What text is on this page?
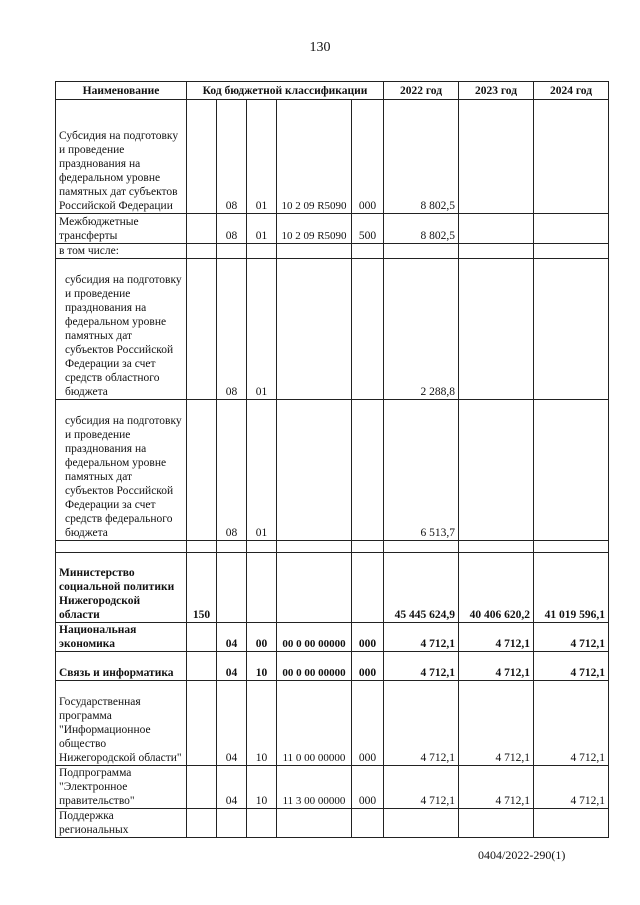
130
Наименование	Код бюджетной классификации					2022 год	2023 год	2024 год
Субсидия на подготовку и проведение празднования на федеральном уровне памятных дат субъектов Российской Федерации		08	01	10 2 09 R5090	000	8 802,5		
Межбюджетные трансферты		08	01	10 2 09 R5090	500	8 802,5		
в том числе:								
субсидия на подготовку и проведение празднования на федеральном уровне памятных дат субъектов Российской Федерации за счет средств областного бюджета		08	01			2 288,8		
субсидия на подготовку и проведение празднования на федеральном уровне памятных дат субъектов Российской Федерации за счет средств федерального бюджета		08	01			6 513,7		

Министерство социальной политики Нижегородской области	150					45 445 624,9	40 406 620,2	41 019 596,1
Национальная экономика		04	00	00 0 00 00000	000	4 712,1	4 712,1	4 712,1
Связь и информатика		04	10	00 0 00 00000	000	4 712,1	4 712,1	4 712,1
Государственная программа "Информационное общество Нижегородской области"		04	10	11 0 00 00000	000	4 712,1	4 712,1	4 712,1
Подпрограмма "Электронное правительство"		04	10	11 3 00 00000	000	4 712,1	4 712,1	4 712,1
Поддержка региональных								
0404/2022-290(1)
